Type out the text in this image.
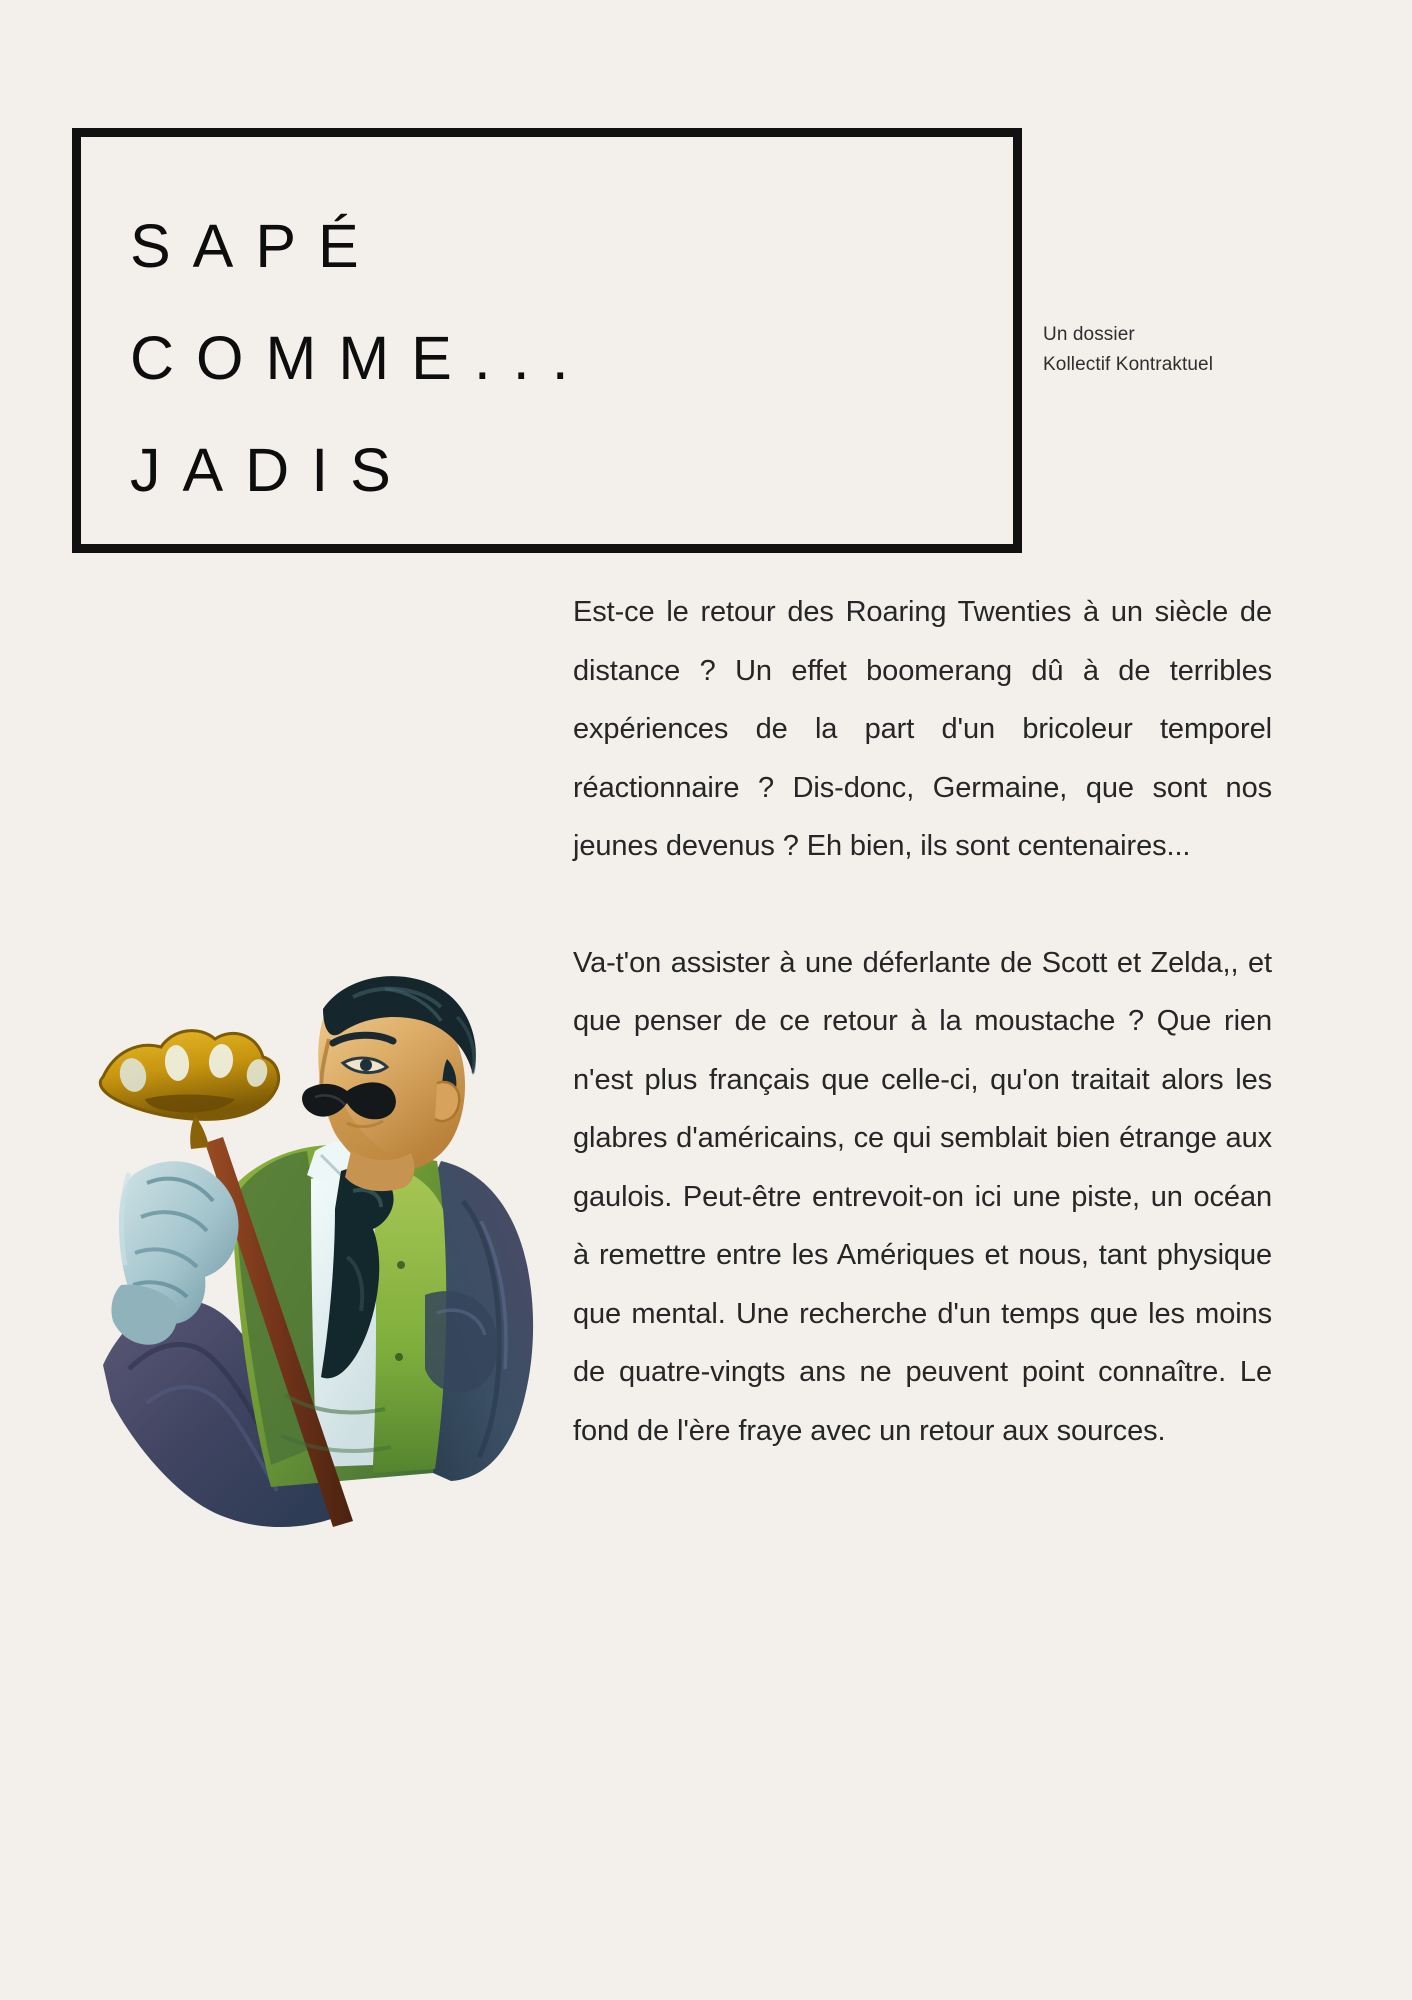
SAPÉ
COMME...
JADIS
Un dossier
Kollectif Kontraktuel

Est-ce le retour des Roaring Twenties à un siècle de distance ? Un effet boomerang dû à de terribles expériences de la part d'un bricoleur temporel réactionnaire ? Dis-donc, Germaine, que sont nos jeunes devenus ? Eh bien, ils sont centenaires...

Va-t'on assister à une déferlante de Scott et Zelda,, et que penser de ce retour à la moustache ? Que rien n'est plus français que celle-ci, qu'on traitait alors les glabres d'américains, ce qui semblait bien étrange aux gaulois. Peut-être entrevoit-on ici une piste, un océan à remettre entre les Amériques et nous, tant physique que mental. Une recherche d'un temps que les moins de quatre-vingts ans ne peuvent point connaître. Le fond de l'ère fraye avec un retour aux sources.
